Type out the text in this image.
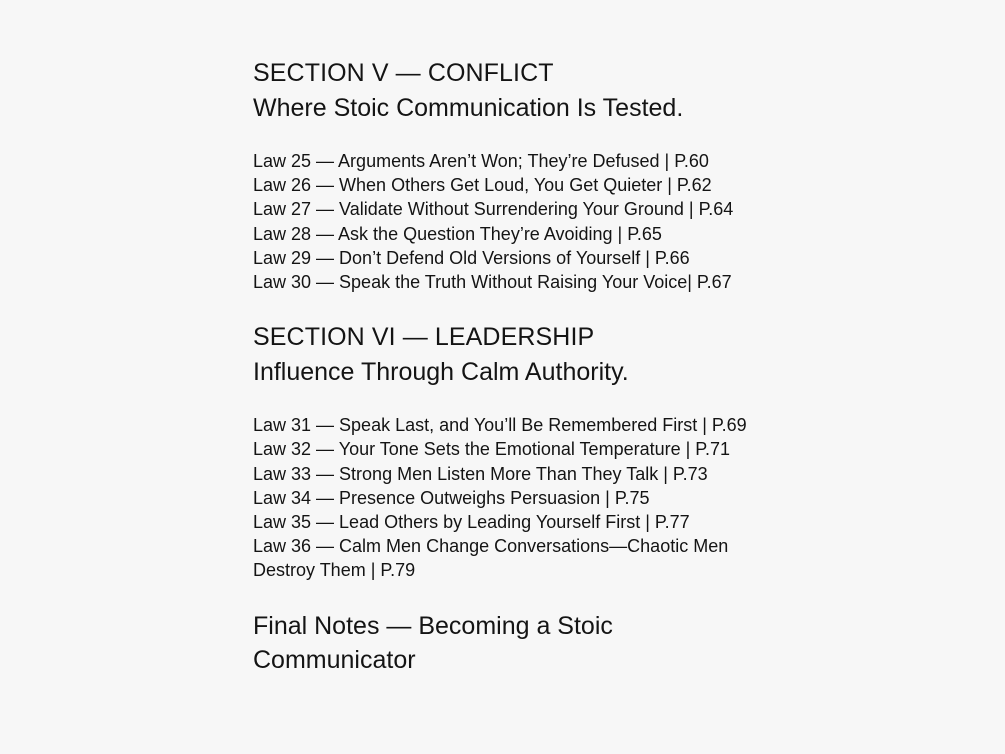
SECTION V — CONFLICT
Where Stoic Communication Is Tested.
Law 25 — Arguments Aren’t Won; They’re Defused | P.60
Law 26 — When Others Get Loud, You Get Quieter | P.62
Law 27 — Validate Without Surrendering Your Ground | P.64
Law 28 — Ask the Question They’re Avoiding | P.65
Law 29 — Don’t Defend Old Versions of Yourself | P.66
Law 30 — Speak the Truth Without Raising Your Voice| P.67
SECTION VI — LEADERSHIP
Influence Through Calm Authority.
Law 31 — Speak Last, and You’ll Be Remembered First | P.69
Law 32 — Your Tone Sets the Emotional Temperature | P.71
Law 33 — Strong Men Listen More Than They Talk | P.73
Law 34 — Presence Outweighs Persuasion | P.75
Law 35 — Lead Others by Leading Yourself First | P.77
Law 36 — Calm Men Change Conversations—Chaotic Men Destroy Them | P.79
Final Notes — Becoming a Stoic Communicator
